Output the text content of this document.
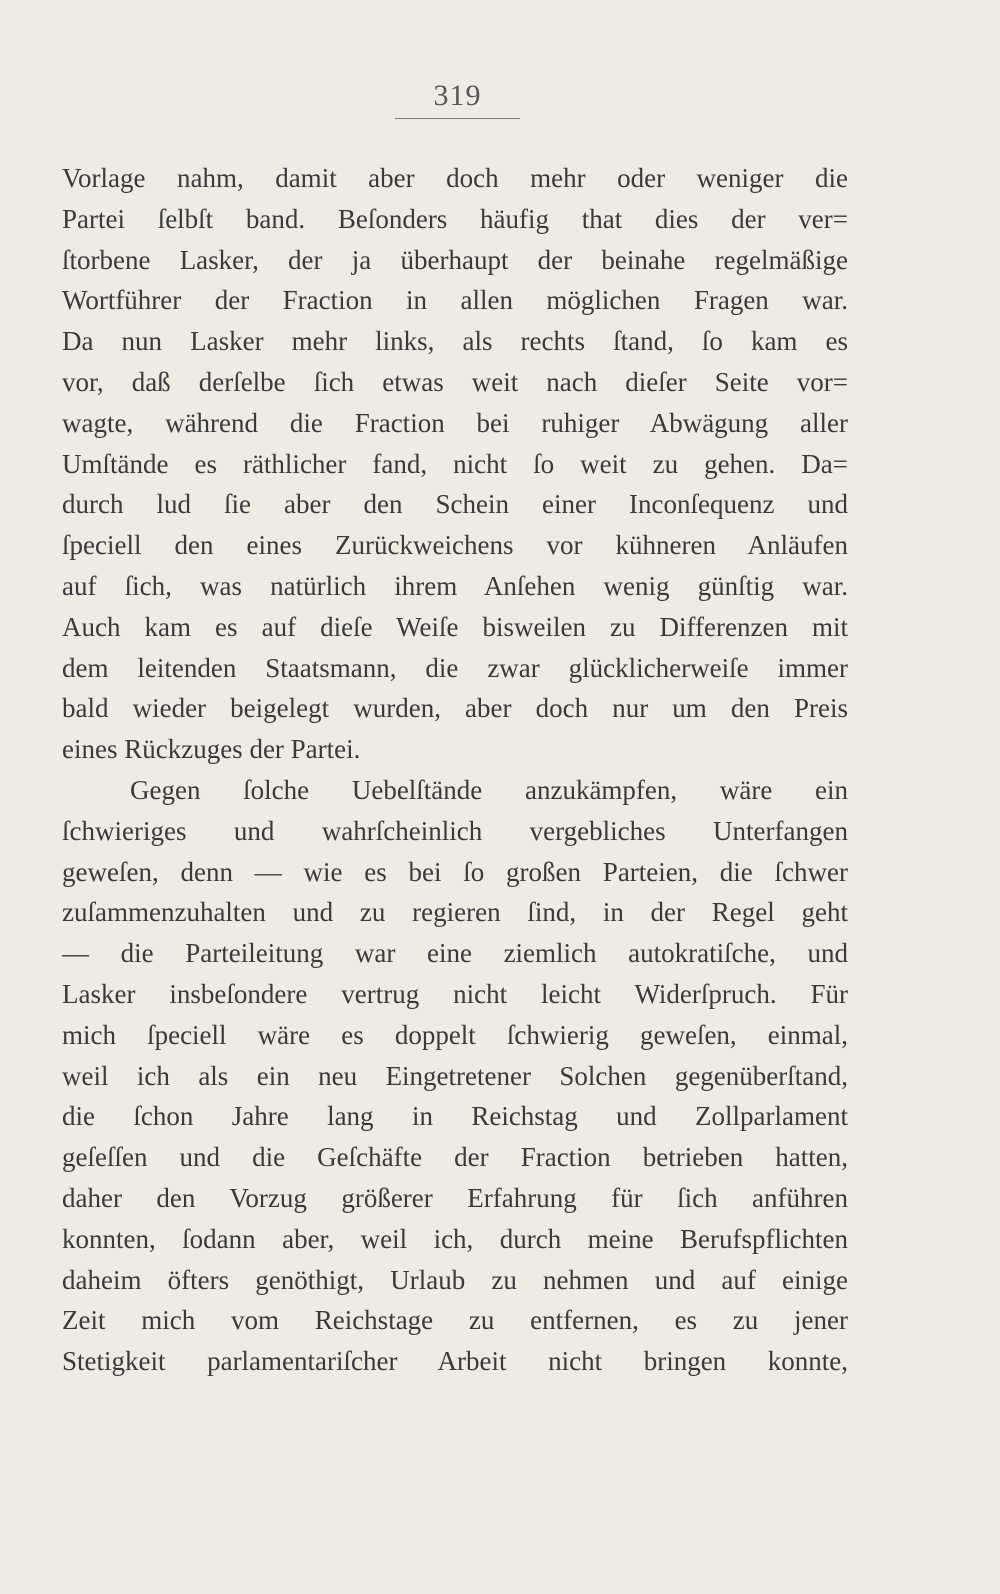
319
Vorlage nahm, damit aber doch mehr oder weniger die
Partei ſelbſt band. Beſonders häufig that dies der ver=
ſtorbene Lasker, der ja überhaupt der beinahe regelmäßige
Wortführer der Fraction in allen möglichen Fragen war.
Da nun Lasker mehr links, als rechts ſtand, ſo kam es
vor, daß derſelbe ſich etwas weit nach dieſer Seite vor=
wagte, während die Fraction bei ruhiger Abwägung aller
Umſtände es räthlicher fand, nicht ſo weit zu gehen. Da=
durch lud ſie aber den Schein einer Inconſequenz und
ſpeciell den eines Zurückweichens vor kühneren Anläufen
auf ſich, was natürlich ihrem Anſehen wenig günſtig war.
Auch kam es auf dieſe Weiſe bisweilen zu Differenzen mit
dem leitenden Staatsmann, die zwar glücklicherweiſe immer
bald wieder beigelegt wurden, aber doch nur um den Preis
eines Rückzuges der Partei.
Gegen ſolche Uebelſtände anzukämpfen, wäre ein
ſchwieriges und wahrſcheinlich vergebliches Unterfangen
geweſen, denn — wie es bei ſo großen Parteien, die ſchwer
zuſammenzuhalten und zu regieren ſind, in der Regel geht
— die Parteileitung war eine ziemlich autokratiſche, und
Lasker insbeſondere vertrug nicht leicht Widerſpruch. Für
mich ſpeciell wäre es doppelt ſchwierig geweſen, einmal,
weil ich als ein neu Eingetretener Solchen gegenüberſtand,
die ſchon Jahre lang in Reichstag und Zollparlament
geſeſſen und die Geſchäfte der Fraction betrieben hatten,
daher den Vorzug größerer Erfahrung für ſich anführen
konnten, ſodann aber, weil ich, durch meine Berufspflichten
daheim öfters genöthigt, Urlaub zu nehmen und auf einige
Zeit mich vom Reichstage zu entfernen, es zu jener
Stetigkeit parlamentariſcher Arbeit nicht bringen konnte,
